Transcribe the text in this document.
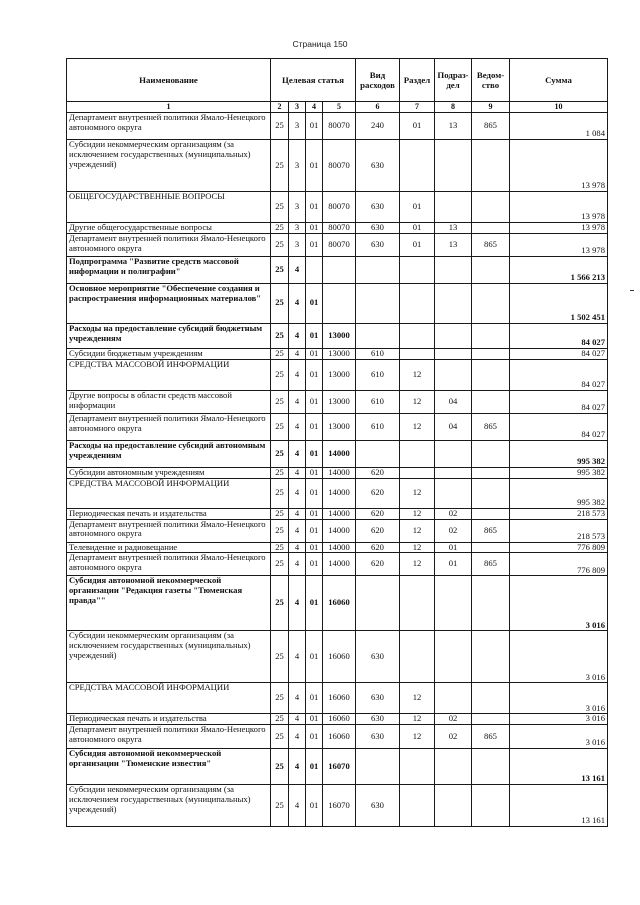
Страница 150
Наименование	Целевая статья				Вид расходов	Раздел	Подраз-дел	Ведом-ство	Сумма
1	2	3	4	5	6	7	8	9	10
Департамент внутренней политики Ямало-Ненецкого автономного округа	25	3	01	80070	240	01	13	865	1 084
Субсидии некоммерческим организациям (за исключением государственных (муниципальных) учреждений)	25	3	01	80070	630				13 978
ОБЩЕГОСУДАРСТВЕННЫЕ ВОПРОСЫ	25	3	01	80070	630	01			13 978
Другие общегосударственные вопросы	25	3	01	80070	630	01	13		13 978
Департамент внутренней политики Ямало-Ненецкого автономного округа	25	3	01	80070	630	01	13	865	13 978
Подпрограмма "Развитие средств массовой информации и полиграфии"	25	4							1 566 213
Основное мероприятие "Обеспечение создания и распространения информационных материалов"	25	4	01						1 502 451
Расходы на предоставление субсидий бюджетным учреждениям	25	4	01	13000					84 027
Субсидии бюджетным учреждениям	25	4	01	13000	610				84 027
СРЕДСТВА МАССОВОЙ ИНФОРМАЦИИ	25	4	01	13000	610	12			84 027
Другие вопросы в области средств массовой информации	25	4	01	13000	610	12	04		84 027
Департамент внутренней политики Ямало-Ненецкого автономного округа	25	4	01	13000	610	12	04	865	84 027
Расходы на предоставление субсидий автономным учреждениям	25	4	01	14000					995 382
Субсидии автономным учреждениям	25	4	01	14000	620				995 382
СРЕДСТВА МАССОВОЙ ИНФОРМАЦИИ	25	4	01	14000	620	12			995 382
Периодическая печать и издательства	25	4	01	14000	620	12	02		218 573
Департамент внутренней политики Ямало-Ненецкого автономного округа	25	4	01	14000	620	12	02	865	218 573
Телевидение и радиовещание	25	4	01	14000	620	12	01		776 809
Департамент внутренней политики Ямало-Ненецкого автономного округа	25	4	01	14000	620	12	01	865	776 809
Субсидия автономной некоммерческой организации "Редакция газеты "Тюменская правда""	25	4	01	16060					3 016
Субсидии некоммерческим организациям (за исключением государственных (муниципальных) учреждений)	25	4	01	16060	630				3 016
СРЕДСТВА МАССОВОЙ ИНФОРМАЦИИ	25	4	01	16060	630	12			3 016
Периодическая печать и издательства	25	4	01	16060	630	12	02		3 016
Департамент внутренней политики Ямало-Ненецкого автономного округа	25	4	01	16060	630	12	02	865	3 016
Субсидия автономной некоммерческой организации "Тюменские известия"	25	4	01	16070					13 161
Субсидии некоммерческим организациям (за исключением государственных (муниципальных) учреждений)	25	4	01	16070	630				13 161
